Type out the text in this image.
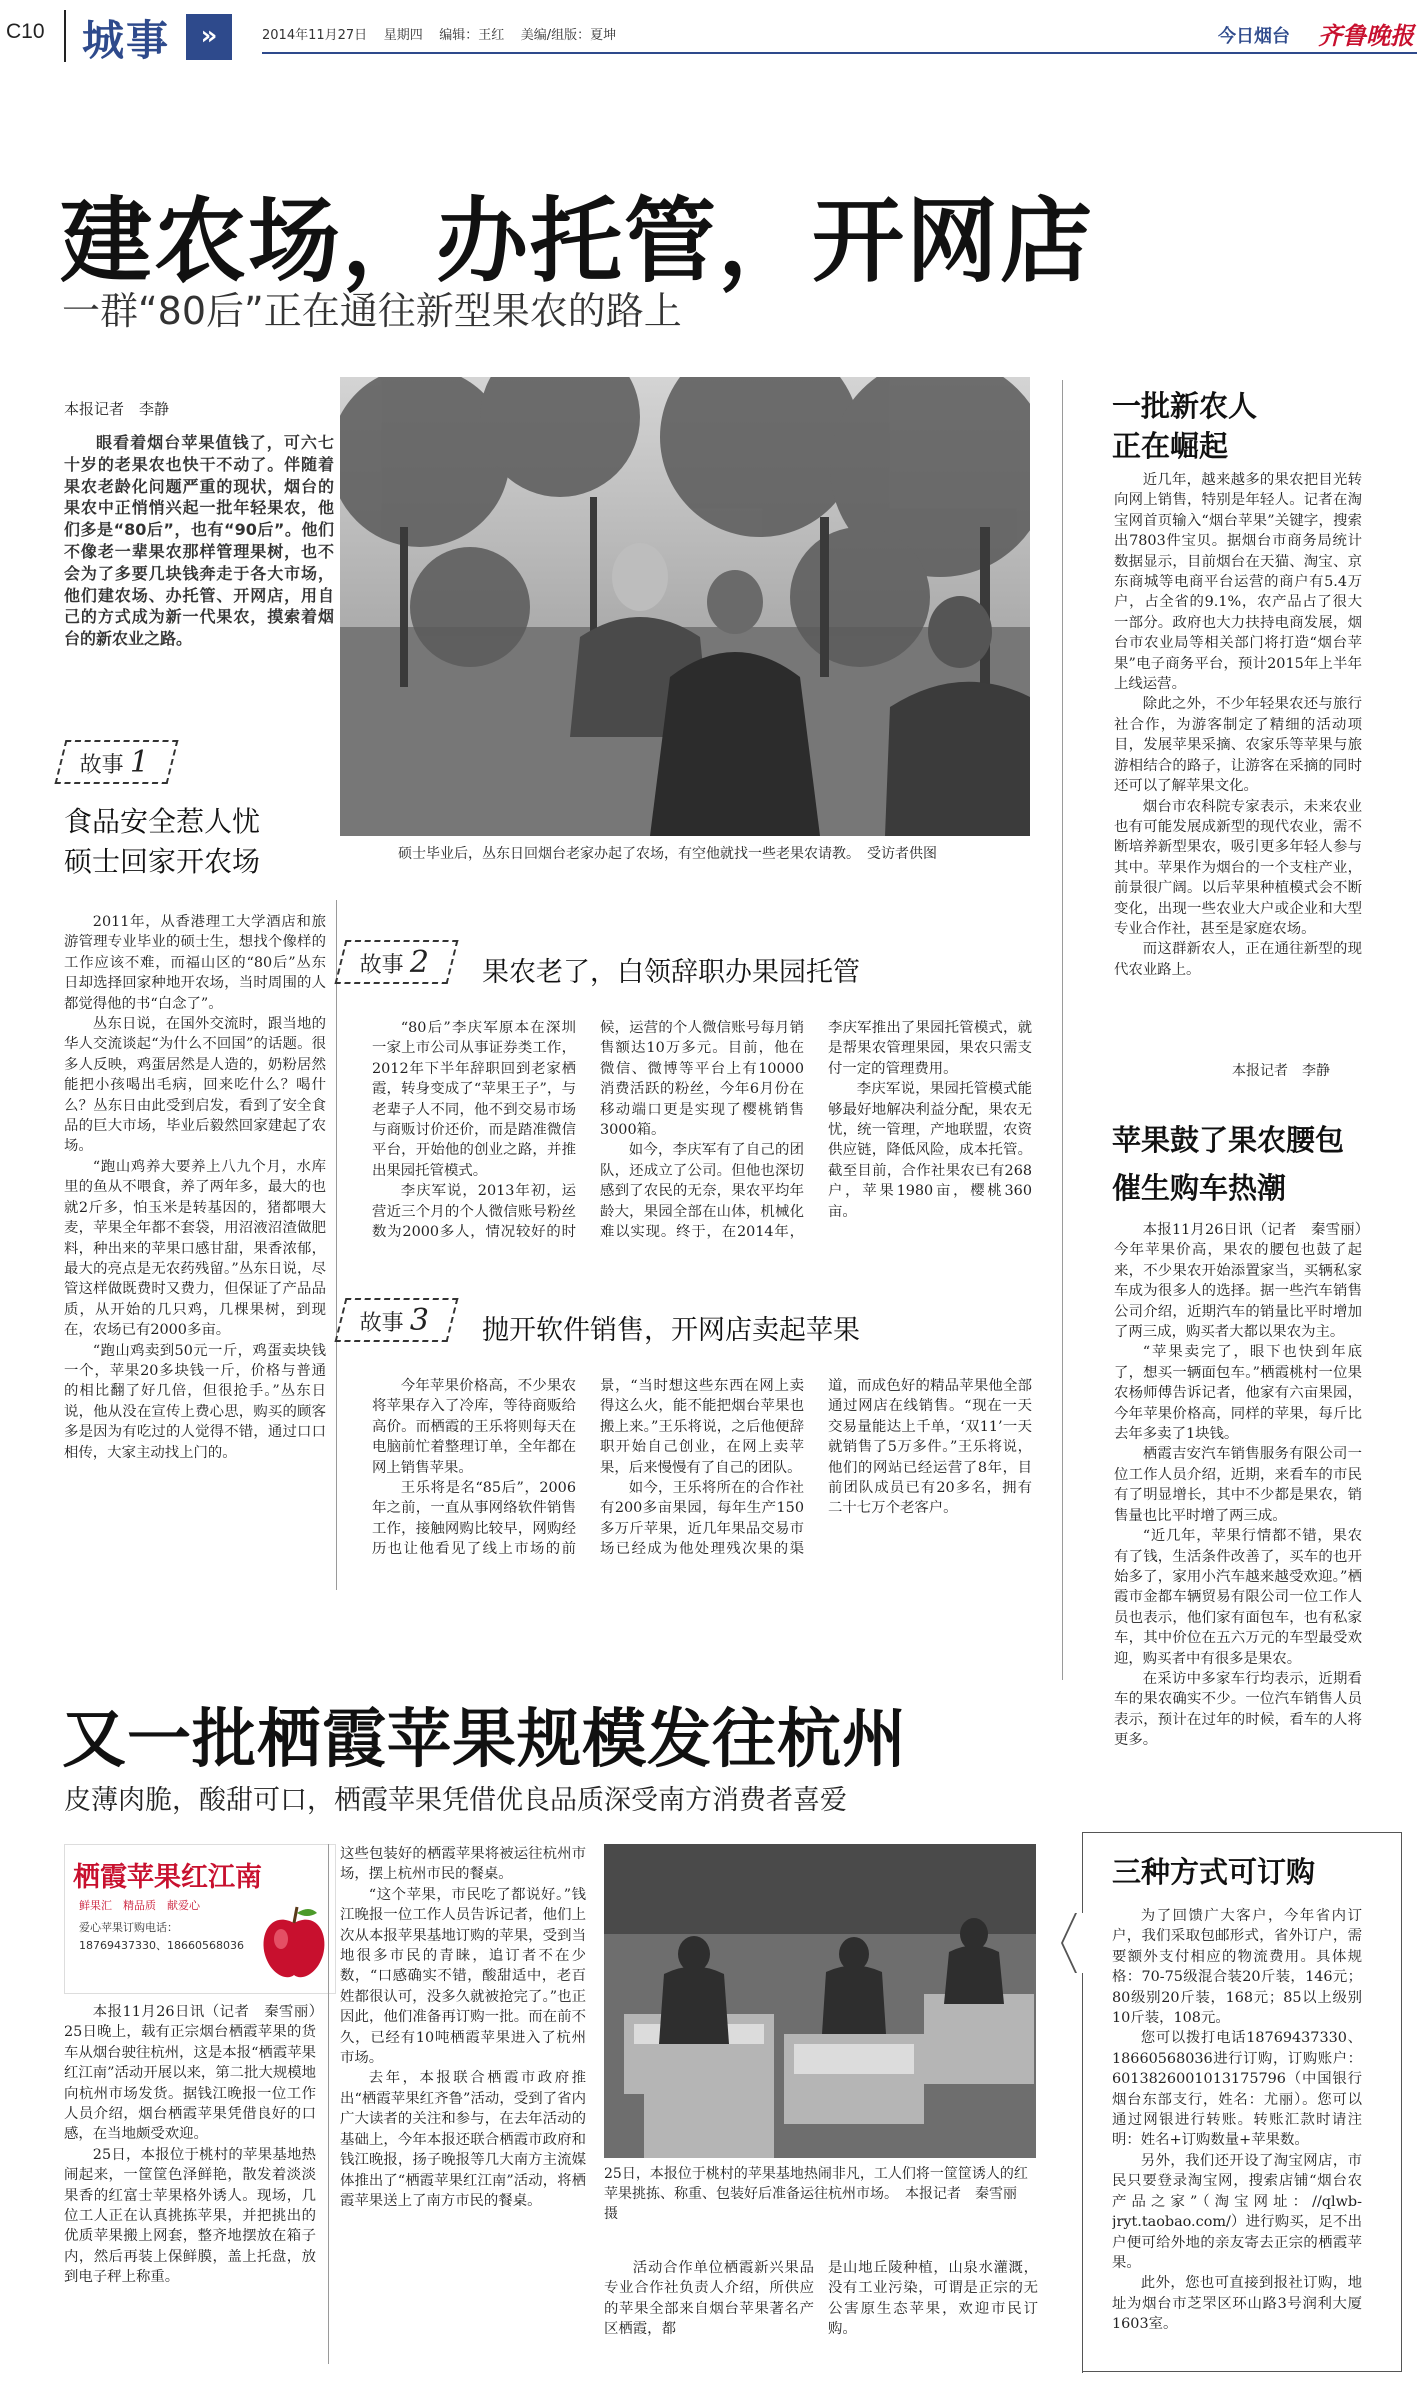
C10 城事	»	2014年11月27日 星期四 编辑：王红 美编/组版：夏坤	今日烟台 齐鲁晚报
建农场，办托管，开网店
一群“80后”正在通往新型果农的路上
本报记者　李静

眼看着烟台苹果值钱了，可六七十岁的老果农也快干不动了。伴随着果农老龄化问题严重的现状，烟台的果农中正悄悄兴起一批年轻果农，他们多是“80后”，也有“90后”。他们不像老一辈果农那样管理果树，也不会为了多要几块钱奔走于各大市场，他们建农场、办托管、开网店，用自己的方式成为新一代果农，摸索着烟台的新农业之路。

硕士毕业后，丛东日回烟台老家办起了农场，有空他就找一些老果农请教。　受访者供图
故事 1
食品安全惹人忧
硕士回家开农场

2011年，从香港理工大学酒店和旅游管理专业毕业的硕士生，想找个像样的工作应该不难，而福山区的“80后”丛东日却选择回家种地开农场，当时周围的人都觉得他的书“白念了”。

丛东日说，在国外交流时，跟当地的华人交流谈起“为什么不回国”的话题。很多人反映，鸡蛋居然是人造的，奶粉居然能把小孩喝出毛病，回来吃什么？喝什么？丛东日由此受到启发，看到了安全食品的巨大市场，毕业后毅然回家建起了农场。

“跑山鸡养大要养上八九个月，水库里的鱼从不喂食，养了两年多，最大的也就2斤多，怕玉米是转基因的，猪都喂大麦，苹果全年都不套袋，用沼液沼渣做肥料，种出来的苹果口感甘甜，果香浓郁，最大的亮点是无农药残留。”丛东日说，尽管这样做既费时又费力，但保证了产品品质，从开始的几只鸡，几棵果树，到现在，农场已有2000多亩。

“跑山鸡卖到50元一斤，鸡蛋卖块钱一个，苹果20多块钱一斤，价格与普通的相比翻了好几倍，但很抢手。”丛东日说，他从没在宣传上费心思，购买的顾客多是因为有吃过的人觉得不错，通过口口相传，大家主动找上门的。

故事 2	果农老了，白领辞职办果园托管

“80后”李庆军原本在深圳一家上市公司从事证券类工作，2012年下半年辞职回到老家栖霞，转身变成了“苹果王子”，与老辈子人不同，他不到交易市场与商贩讨价还价，而是踏准微信平台，开始他的创业之路，并推出果园托管模式。

李庆军说，2013年初，运营近三个月的个人微信账号粉丝数为2000多人，情况较好的时候，运营的个人微信账号每月销售额达10万多元。目前，他在微信、微博等平台上有10000消费活跃的粉丝，今年6月份在移动端口更是实现了樱桃销售3000箱。

如今，李庆军有了自己的团队，还成立了公司。但他也深切感到了农民的无奈，果农平均年龄大，果园全部在山体，机械化难以实现。终于，在2014年，李庆军推出了果园托管模式，就是帮果农管理果园，果农只需支付一定的管理费用。

李庆军说，果园托管模式能够最好地解决利益分配，果农无忧，统一管理，产地联盟，农资供应链，降低风险，成本托管。截至目前，合作社果农已有268户，苹果1980亩，樱桃360亩。

故事 3	抛开软件销售，开网店卖起苹果

今年苹果价格高，不少果农将苹果存入了冷库，等待商贩给高价。而栖霞的王乐将则每天在电脑前忙着整理订单，全年都在网上销售苹果。

王乐将是名“85后”，2006年之前，一直从事网络软件销售工作，接触网购比较早，网购经历也让他看见了线上市场的前景，“当时想这些东西在网上卖得这么火，能不能把烟台苹果也搬上来。”王乐将说，之后他便辞职开始自己创业，在网上卖苹果，后来慢慢有了自己的团队。

如今，王乐将所在的合作社有200多亩果园，每年生产150多万斤苹果，近几年果品交易市场已经成为他处理残次果的渠道，而成色好的精品苹果他全部通过网店在线销售。“现在一天交易量能达上千单，‘双11’一天就销售了5万多件。”王乐将说，他们的网站已经运营了8年，目前团队成员已有20多名，拥有二十七万个老客户。

一批新农人
正在崛起

近几年，越来越多的果农把目光转向网上销售，特别是年轻人。记者在淘宝网首页输入“烟台苹果”关键字，搜索出7803件宝贝。据烟台市商务局统计数据显示，目前烟台在天猫、淘宝、京东商城等电商平台运营的商户有5.4万户，占全省的9.1%，农产品占了很大一部分。政府也大力扶持电商发展，烟台市农业局等相关部门将打造“烟台苹果”电子商务平台，预计2015年上半年上线运营。

除此之外，不少年轻果农还与旅行社合作，为游客制定了精细的活动项目，发展苹果采摘、农家乐等苹果与旅游相结合的路子，让游客在采摘的同时还可以了解苹果文化。

烟台市农科院专家表示，未来农业也有可能发展成新型的现代农业，需不断培养新型果农，吸引更多年轻人参与其中。苹果作为烟台的一个支柱产业，前景很广阔。以后苹果种植模式会不断变化，出现一些农业大户或企业和大型专业合作社，甚至是家庭农场。

而这群新农人，正在通往新型的现代农业路上。

本报记者　李静
苹果鼓了果农腰包
催生购车热潮

本报11月26日讯（记者　秦雪丽）今年苹果价高，果农的腰包也鼓了起来，不少果农开始添置家当，买辆私家车成为很多人的选择。据一些汽车销售公司介绍，近期汽车的销量比平时增加了两三成，购买者大都以果农为主。

“苹果卖完了，眼下也快到年底了，想买一辆面包车。”栖霞桃村一位果农杨师傅告诉记者，他家有六亩果园，今年苹果价格高，同样的苹果，每斤比去年多卖了1块钱。

栖霞吉安汽车销售服务有限公司一位工作人员介绍，近期，来看车的市民有了明显增长，其中不少都是果农，销售量也比平时增了两三成。

“近几年，苹果行情都不错，果农有了钱，生活条件改善了，买车的也开始多了，家用小汽车越来越受欢迎。”栖霞市金都车辆贸易有限公司一位工作人员也表示，他们家有面包车，也有私家车，其中价位在五六万元的车型最受欢迎，购买者中有很多是果农。

在采访中多家车行均表示，近期看车的果农确实不少。一位汽车销售人员表示，预计在过年的时候，看车的人将更多。

又一批栖霞苹果规模发往杭州
皮薄肉脆，酸甜可口，栖霞苹果凭借优良品质深受南方消费者喜爱
栖霞苹果红江南
鲜果汇　精品质　献爱心
爱心苹果订购电话：
18769437330、18660568036

本报11月26日讯（记者　秦雪丽）25日晚上，载有正宗烟台栖霞苹果的货车从烟台驶往杭州，这是本报“栖霞苹果红江南”活动开展以来，第二批大规模地向杭州市场发货。据钱江晚报一位工作人员介绍，烟台栖霞苹果凭借良好的口感，在当地颇受欢迎。

25日，本报位于桃村的苹果基地热闹起来，一筐筐色泽鲜艳，散发着淡淡果香的红富士苹果格外诱人。现场，几位工人正在认真挑拣苹果，并把挑出的优质苹果搬上网套，整齐地摆放在箱子内，然后再装上保鲜膜，盖上托盘，放到电子秤上称重。

这些包装好的栖霞苹果将被运往杭州市场，摆上杭州市民的餐桌。

“这个苹果，市民吃了都说好。”钱江晚报一位工作人员告诉记者，他们上次从本报苹果基地订购的苹果，受到当地很多市民的青睐，追订者不在少数，“口感确实不错，酸甜适中，老百姓都很认可，没多久就被抢完了。”也正因此，他们准备再订购一批。而在前不久，已经有10吨栖霞苹果进入了杭州市场。

去年，本报联合栖霞市政府推出“栖霞苹果红齐鲁”活动，受到了省内广大读者的关注和参与，在去年活动的基础上，今年本报还联合栖霞市政府和钱江晚报，扬子晚报等几大南方主流媒体推出了“栖霞苹果红江南”活动，将栖霞苹果送上了南方市民的餐桌。

25日，本报位于桃村的苹果基地热闹非凡，工人们将一筐筐诱人的红苹果挑拣、称重、包装好后准备运往杭州市场。　本报记者　秦雪丽　摄

活动合作单位栖霞新兴果品专业合作社负责人介绍，所供应的苹果全部来自烟台苹果著名产区栖霞，都

是山地丘陵种植，山泉水灌溉，没有工业污染，可谓是正宗的无公害原生态苹果，欢迎市民订购。

三种方式可订购

为了回馈广大客户，今年省内订户，我们采取包邮形式，省外订户，需要额外支付相应的物流费用。具体规格：70-75级混合装20斤装，146元；80级别20斤装，168元；85以上级别10斤装，108元。

您可以拨打电话18769437330、18660568036进行订购，订购账户：6013826001013175796（中国银行烟台东部支行，姓名：尤丽）。您可以通过网银进行转账。转账汇款时请注明：姓名+订购数量+苹果数。

另外，我们还开设了淘宝网店，市民只要登录淘宝网，搜索店铺“烟台农产品之家”（淘宝网址：//qlwb-jryt.taobao.com/）进行购买，足不出户便可给外地的亲友寄去正宗的栖霞苹果。

此外，您也可直接到报社订购，地址为烟台市芝罘区环山路3号润利大厦1603室。
